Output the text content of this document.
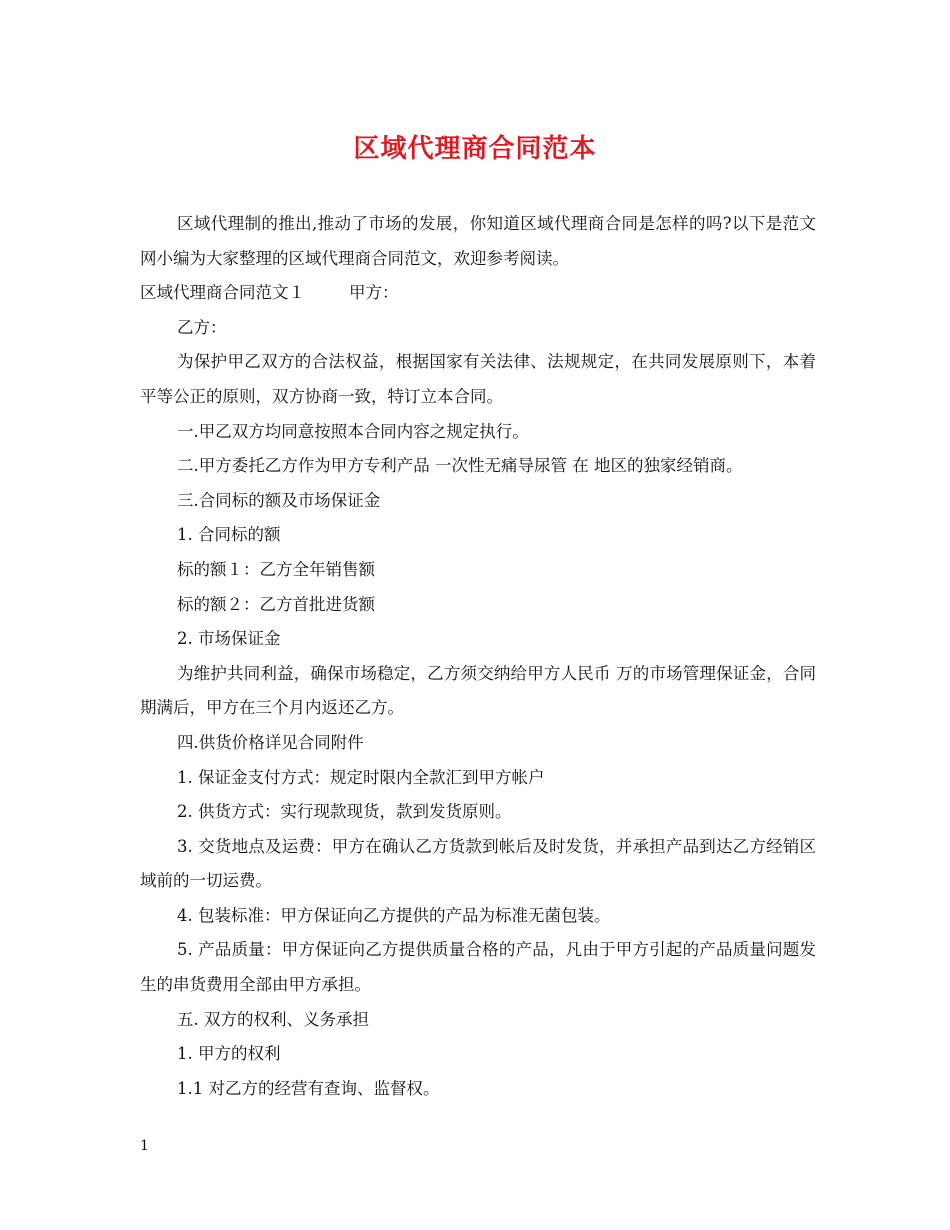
区域代理商合同范本

区域代理制的推出,推动了市场的发展，你知道区域代理商合同是怎样的吗?以下是范文网小编为大家整理的区域代理商合同范文，欢迎参考阅读。

区域代理商合同范文１	甲方：

乙方：

为保护甲乙双方的合法权益，根据国家有关法律、法规规定，在共同发展原则下，本着平等公正的原则，双方协商一致，特订立本合同。

一.甲乙双方均同意按照本合同内容之规定执行。

二.甲方委托乙方作为甲方专利产品 一次性无痛导尿管 在 地区的独家经销商。

三.合同标的额及市场保证金

1. 合同标的额

标的额１：乙方全年销售额

标的额２：乙方首批进货额

2. 市场保证金

为维护共同利益，确保市场稳定，乙方须交纳给甲方人民币 万的市场管理保证金，合同期满后，甲方在三个月内返还乙方。

四.供货价格详见合同附件

1. 保证金支付方式：规定时限内全款汇到甲方帐户

2. 供货方式：实行现款现货，款到发货原则。

3. 交货地点及运费：甲方在确认乙方货款到帐后及时发货，并承担产品到达乙方经销区域前的一切运费。

4. 包装标准：甲方保证向乙方提供的产品为标准无菌包装。

5. 产品质量：甲方保证向乙方提供质量合格的产品，凡由于甲方引起的产品质量问题发生的串货费用全部由甲方承担。

五. 双方的权利、义务承担

1. 甲方的权利

1.1 对乙方的经营有查询、监督权。

1
